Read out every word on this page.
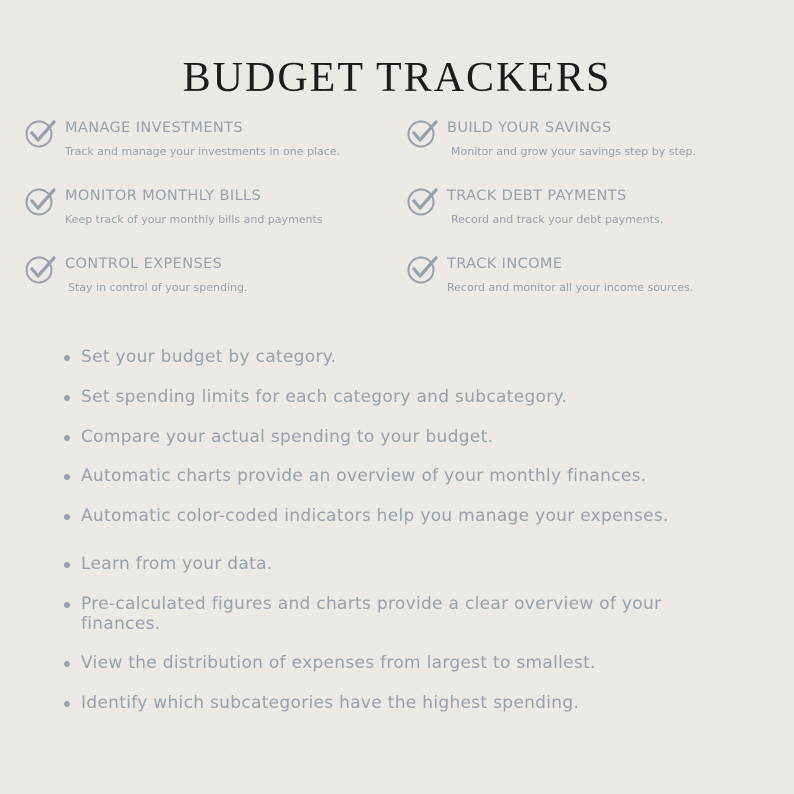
BUDGET TRACKERS
MANAGE INVESTMENTS
Track and manage your investments in one place.
BUILD YOUR SAVINGS
Monitor and grow your savings step by step.
MONITOR MONTHLY BILLS
Keep track of your monthly bills and payments
TRACK DEBT PAYMENTS
Record and track your debt payments.
CONTROL EXPENSES
Stay in control of your spending.
TRACK INCOME
Record and monitor all your income sources.
Set your budget by category.
Set spending limits for each category and subcategory.
Compare your actual spending to your budget.
Automatic charts provide an overview of your monthly finances.
Automatic color-coded indicators help you manage your expenses.
Learn from your data.
Pre-calculated figures and charts provide a clear overview of your finances.
View the distribution of expenses from largest to smallest.
Identify which subcategories have the highest spending.
